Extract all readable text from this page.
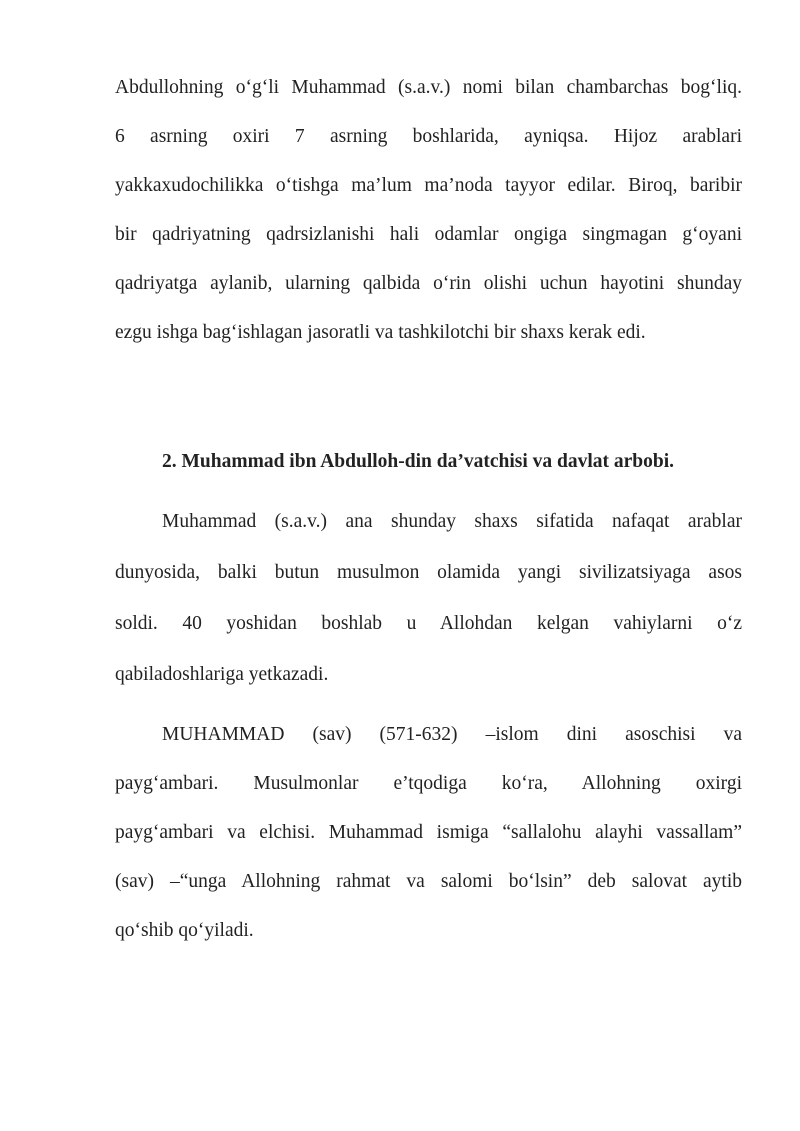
Abdullohning o‘g‘li Muhammad (s.a.v.) nomi bilan chambarchas bog‘liq.
6 asrning oxiri 7 asrning boshlarida, ayniqsa. Hijoz arablari
yakkaxudochilikka o‘tishga ma’lum ma’noda tayyor edilar. Biroq, baribir
bir qadriyatning qadrsizlanishi hali odamlar ongiga singmagan g‘oyani
qadriyatga aylanib, ularning qalbida o‘rin olishi uchun hayotini shunday
ezgu ishga bag‘ishlagan jasoratli va tashkilotchi bir shaxs kerak edi.
2. Muhammad ibn Abdulloh-din da’vatchisi va davlat arbobi.
Muhammad (s.a.v.) ana shunday shaxs sifatida nafaqat arablar
dunyosida, balki butun musulmon olamida yangi sivilizatsiyaga asos
soldi. 40 yoshidan boshlab u Allohdan kelgan vahiylarni o‘z
qabiladoshlariga yetkazadi.
MUHAMMAD (sav) (571-632) –islom dini asoschisi va
payg‘ambari. Musulmonlar e’tqodiga ko‘ra, Allohning oxirgi
payg‘ambari va elchisi. Muhammad ismiga “sallalohu alayhi vassallam”
(sav) –“unga Allohning rahmat va salomi bo‘lsin” deb salovat aytib
qo‘shib qo‘yiladi.
